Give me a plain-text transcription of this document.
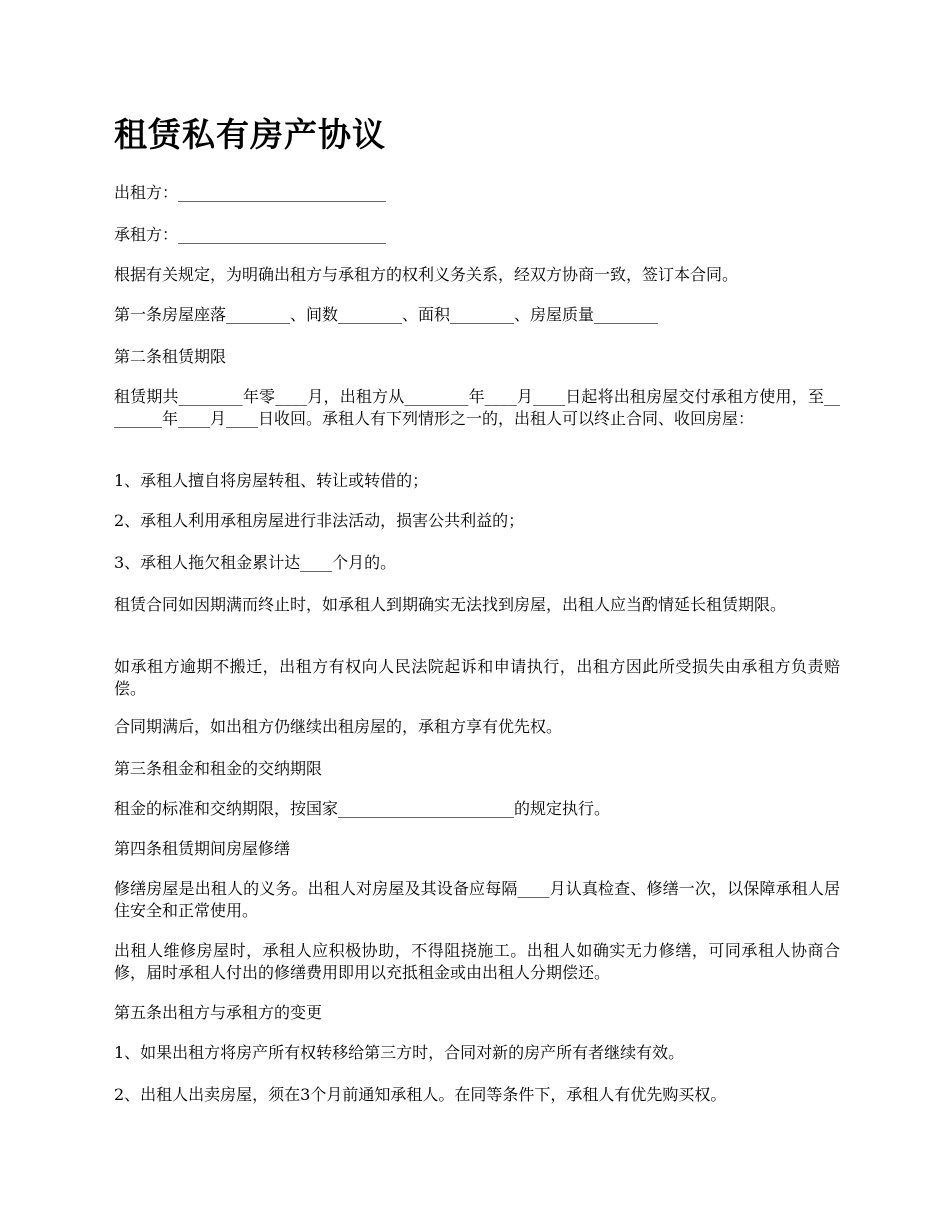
租赁私有房产协议

出租方：__________________________

承租方：__________________________

根据有关规定，为明确出租方与承租方的权利义务关系，经双方协商一致，签订本合同。

第一条房屋座落________、间数________、面积________、房屋质量________

第二条租赁期限

租赁期共________年零____月，出租方从________年____月____日起将出租房屋交付承租方使用，至________年____月____日收回。承租人有下列情形之一的，出租人可以终止合同、收回房屋：

1、承租人擅自将房屋转租、转让或转借的；

2、承租人利用承租房屋进行非法活动，损害公共利益的；

3、承租人拖欠租金累计达____个月的。

租赁合同如因期满而终止时，如承租人到期确实无法找到房屋，出租人应当酌情延长租赁期限。

如承租方逾期不搬迁，出租方有权向人民法院起诉和申请执行，出租方因此所受损失由承租方负责赔偿。

合同期满后，如出租方仍继续出租房屋的，承租方享有优先权。

第三条租金和租金的交纳期限

租金的标准和交纳期限，按国家______________________的规定执行。

第四条租赁期间房屋修缮

修缮房屋是出租人的义务。出租人对房屋及其设备应每隔____月认真检查、修缮一次，以保障承租人居住安全和正常使用。

出租人维修房屋时，承租人应积极协助，不得阻挠施工。出租人如确实无力修缮，可同承租人协商合修，届时承租人付出的修缮费用即用以充抵租金或由出租人分期偿还。

第五条出租方与承租方的变更

1、如果出租方将房产所有权转移给第三方时，合同对新的房产所有者继续有效。

2、出租人出卖房屋，须在3个月前通知承租人。在同等条件下，承租人有优先购买权。
